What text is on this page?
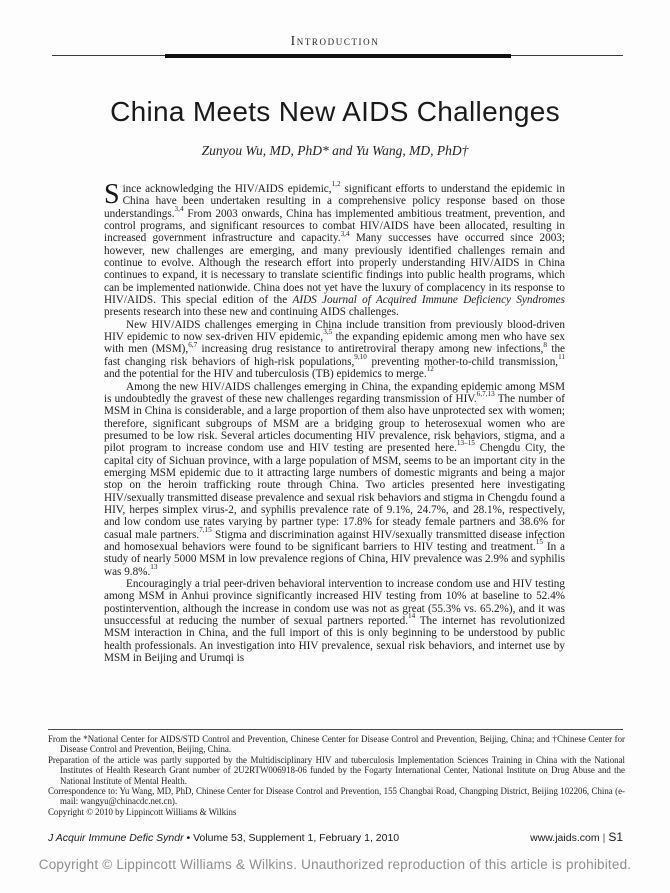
Introduction
China Meets New AIDS Challenges
Zunyou Wu, MD, PhD* and Yu Wang, MD, PhD†

Since acknowledging the HIV/AIDS epidemic,$^{1,2}$ significant efforts to understand the epidemic in China have been undertaken resulting in a comprehensive policy response based on those understandings.$^{3,4}$ From 2003 onwards, China has implemented ambitious treatment, prevention, and control programs, and significant resources to combat HIV/AIDS have been allocated, resulting in increased government infrastructure and capacity.$^{3,4}$ Many successes have occurred since 2003; however, new challenges are emerging, and many previously identified challenges remain and continue to evolve. Although the research effort into properly understanding HIV/AIDS in China continues to expand, it is necessary to translate scientific findings into public health programs, which can be implemented nationwide. China does not yet have the luxury of complacency in its response to HIV/AIDS. This special edition of the AIDS Journal of Acquired Immune Deficiency Syndromes presents research into these new and continuing AIDS challenges.

New HIV/AIDS challenges emerging in China include transition from previously blood-driven HIV epidemic to now sex-driven HIV epidemic,$^{3,5}$ the expanding epidemic among men who have sex with men (MSM),$^{6,7}$ increasing drug resistance to antiretroviral therapy among new infections,$^8$ the fast changing risk behaviors of high-risk populations,$^{9,10}$ preventing mother-to-child transmission,$^{11}$ and the potential for the HIV and tuberculosis (TB) epidemics to merge.$^{12}$

Among the new HIV/AIDS challenges emerging in China, the expanding epidemic among MSM is undoubtedly the gravest of these new challenges regarding transmission of HIV.$^{6,7,13}$ The number of MSM in China is considerable, and a large proportion of them also have unprotected sex with women; therefore, significant subgroups of MSM are a bridging group to heterosexual women who are presumed to be low risk. Several articles documenting HIV prevalence, risk behaviors, stigma, and a pilot program to increase condom use and HIV testing are presented here.$^{13-15}$ Chengdu City, the capital city of Sichuan province, with a large population of MSM, seems to be an important city in the emerging MSM epidemic due to it attracting large numbers of domestic migrants and being a major stop on the heroin trafficking route through China. Two articles presented here investigating HIV/sexually transmitted disease prevalence and sexual risk behaviors and stigma in Chengdu found a HIV, herpes simplex virus-2, and syphilis prevalence rate of 9.1%, 24.7%, and 28.1%, respectively, and low condom use rates varying by partner type: 17.8% for steady female partners and 38.6% for casual male partners.$^{7,15}$ Stigma and discrimination against HIV/sexually transmitted disease infection and homosexual behaviors were found to be significant barriers to HIV testing and treatment.$^{15}$ In a study of nearly 5000 MSM in low prevalence regions of China, HIV prevalence was 2.9% and syphilis was 9.8%.$^{13}$

Encouragingly a trial peer-driven behavioral intervention to increase condom use and HIV testing among MSM in Anhui province significantly increased HIV testing from 10% at baseline to 52.4% postintervention, although the increase in condom use was not as great (55.3% vs. 65.2%), and it was unsuccessful at reducing the number of sexual partners reported.$^{14}$ The internet has revolutionized MSM interaction in China, and the full import of this is only beginning to be understood by public health professionals. An investigation into HIV prevalence, sexual risk behaviors, and internet use by MSM in Beijing and Urumqi is

From the *National Center for AIDS/STD Control and Prevention, Chinese Center for Disease Control and Prevention, Beijing, China; and †Chinese Center for Disease Control and Prevention, Beijing, China.
Preparation of the article was partly supported by the Multidisciplinary HIV and tuberculosis Implementation Sciences Training in China with the National Institutes of Health Research Grant number of 2U2RTW006918-06 funded by the Fogarty International Center, National Institute on Drug Abuse and the National Institute of Mental Health.
Correspondence to: Yu Wang, MD, PhD, Chinese Center for Disease Control and Prevention, 155 Changbai Road, Changping District, Beijing 102206, China (e-mail: wangyu@chinacdc.net.cn).
Copyright © 2010 by Lippincott Williams & Wilkins
J Acquir Immune Defic Syndr • Volume 53, Supplement 1, February 1, 2010	www.jaids.com | S1
Copyright © Lippincott Williams & Wilkins. Unauthorized reproduction of this article is prohibited.
